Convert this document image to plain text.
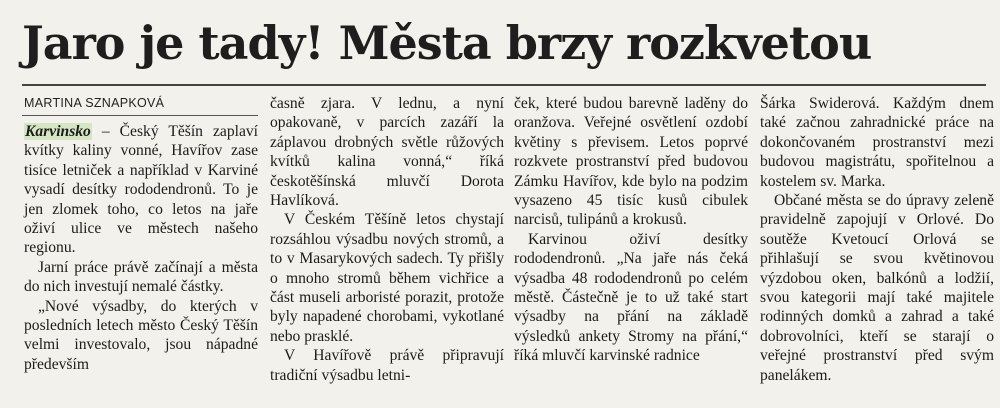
Jaro je tady! Města brzy rozkvetou
MARTINA SZNAPKOVÁ

Karvinsko – Český Těšín zaplaví kvítky kaliny vonné, Havířov zase tisíce letniček a například v Karviné vysadí desítky rododendronů. To je jen zlomek toho, co letos na jaře oživí ulice ve městech našeho regionu.

Jarní práce právě začínají a města do nich investují nemalé částky.

„Nové výsadby, do kterých v posledních letech město Český Těšín velmi investovalo, jsou nápadné především

časně zjara. V lednu, a nyní opakovaně, v parcích zazáří la záplavou drobných světle růžových kvítků kalina vonná,“ říká českotěšínská mluvčí Dorota Havlíková.

V Českém Těšíně letos chystají rozsáhlou výsadbu nových stromů, a to v Masarykových sadech. Ty přišly o mnoho stromů během vichřice a část museli arboristé porazit, protože byly napadené chorobami, vykotlané nebo prasklé.

V Havířově právě připravují tradiční výsadbu letni-

ček, které budou barevně laděny do oranžova. Veřejné osvětlení ozdobí květiny s převisem. Letos poprvé rozkvete prostranství před budovou Zámku Havířov, kde bylo na podzim vysazeno 45 tisíc kusů cibulek narcisů, tulipánů a krokusů.

Karvinou oživí desítky rododendronů. „Na jaře nás čeká výsadba 48 rododendronů po celém městě. Částečně je to už také start výsadby na přání na základě výsledků ankety Stromy na přání,“ říká mluvčí karvinské radnice

Šárka Swiderová. Každým dnem také začnou zahradnické práce na dokončovaném prostranství mezi budovou magistrátu, spořitelnou a kostelem sv. Marka.

Občané města se do úpravy zeleně pravidelně zapojují v Orlové. Do soutěže Kvetoucí Orlová se přihlašují se svou květinovou výzdobou oken, balkónů a lodžií, svou kategorii mají také majitele rodinných domků a zahrad a také dobrovolníci, kteří se starají o veřejné prostranství před svým panelákem.
